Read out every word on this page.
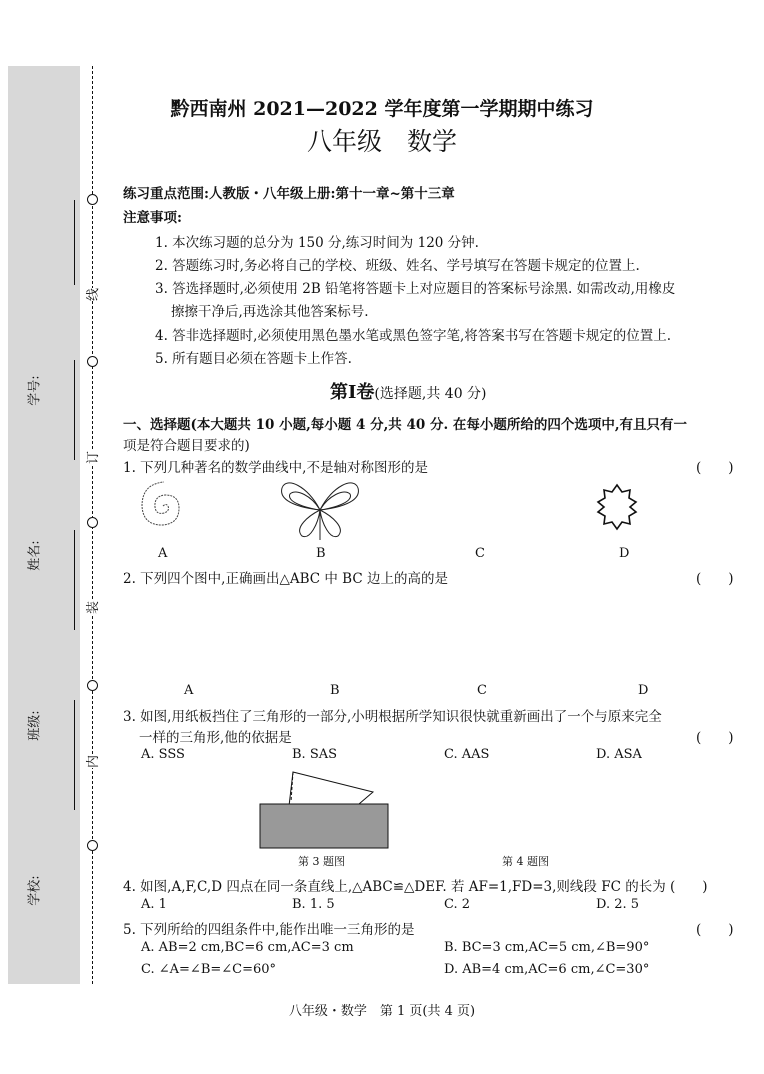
学校:
班级:
姓名:
学号:
线
订
装
内
黔西南州 2021—2022 学年度第一学期期中练习
八年级　数学
练习重点范围:人教版・八年级上册:第十一章~第十三章
注意事项:
1. 本次练习题的总分为 150 分,练习时间为 120 分钟.
2. 答题练习时,务必将自己的学校、班级、姓名、学号填写在答题卡规定的位置上.
3. 答选择题时,必须使用 2B 铅笔将答题卡上对应题目的答案标号涂黑. 如需改动,用橡皮
擦擦干净后,再选涂其他答案标号.
4. 答非选择题时,必须使用黑色墨水笔或黑色签字笔,将答案书写在答题卡规定的位置上.
5. 所有题目必须在答题卡上作答.
第Ⅰ卷(选择题,共 40 分)
一、选择题(本大题共 10 小题,每小题 4 分,共 40 分. 在每小题所给的四个选项中,有且只有一
项是符合题目要求的)
1. 下列几种著名的数学曲线中,不是轴对称图形的是	(　　)
A	B	C	D
2. 下列四个图中,正确画出△ABC 中 BC 边上的高的是	(　　)
A	B	C	D
3. 如图,用纸板挡住了三角形的一部分,小明根据所学知识很快就重新画出了一个与原来完全
一样的三角形,他的依据是	(　　)
A. SSS	B. SAS	C. AAS	D. ASA
第 3 题图	第 4 题图
4. 如图,A,F,C,D 四点在同一条直线上,△ABC≌△DEF. 若 AF=1,FD=3,则线段 FC 的长为 (　　)
A. 1	B. 1. 5	C. 2	D. 2. 5
5. 下列所给的四组条件中,能作出唯一三角形的是	(　　)
A. AB=2 cm,BC=6 cm,AC=3 cm	B. BC=3 cm,AC=5 cm,∠B=90°
C. ∠A=∠B=∠C=60°	D. AB=4 cm,AC=6 cm,∠C=30°
八年级・数学　第 1 页(共 4 页)
